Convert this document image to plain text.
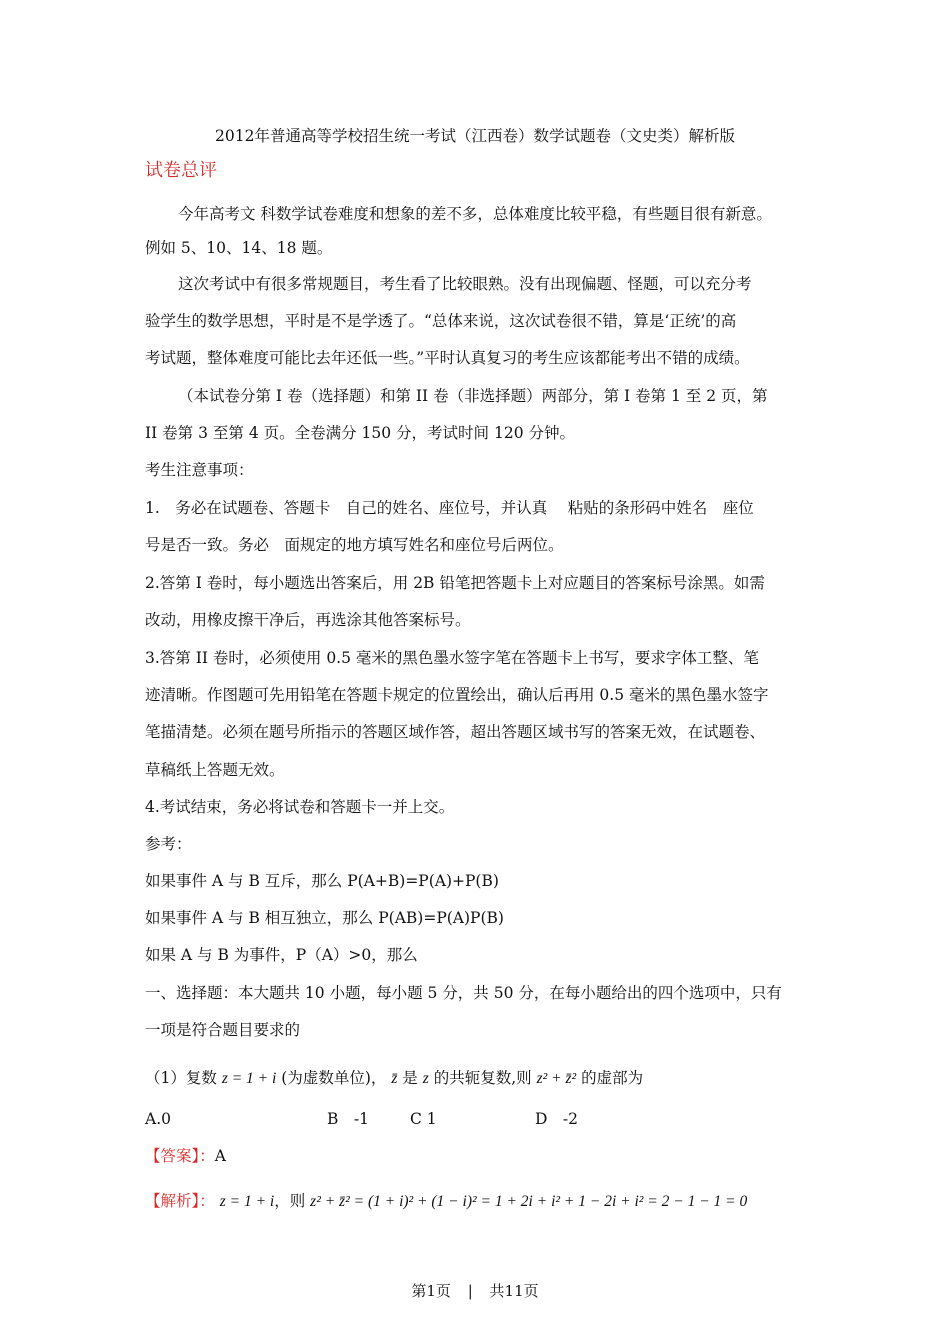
2012年普通高等学校招生统一考试（江西卷）数学试题卷（文史类）解析版
试卷总评
今年高考文 科数学试卷难度和想象的差不多，总体难度比较平稳，有些题目很有新意。
例如 5、10、14、18 题。
这次考试中有很多常规题目，考生看了比较眼熟。没有出现偏题、怪题，可以充分考
验学生的数学思想，平时是不是学透了。“总体来说，这次试卷很不错，算是‘正统’的高
考试题，整体难度可能比去年还低一些。”平时认真复习的考生应该都能考出不错的成绩。
（本试卷分第 I 卷（选择题）和第 II 卷（非选择题）两部分，第 I 卷第 1 至 2 页，第
II 卷第 3 至第 4 页。全卷满分 150 分，考试时间 120 分钟。
考生注意事项：
1.　务必在试题卷、答题卡　自己的姓名、座位号，并认真　 粘贴的条形码中姓名　座位
号是否一致。务必　面规定的地方填写姓名和座位号后两位。
2.答第 I 卷时，每小题选出答案后，用 2B 铅笔把答题卡上对应题目的答案标号涂黑。如需
改动，用橡皮擦干净后，再选涂其他答案标号。
3.答第 II 卷时，必须使用 0.5 毫米的黑色墨水签字笔在答题卡上书写，要求字体工整、笔
迹清晰。作图题可先用铅笔在答题卡规定的位置绘出，确认后再用 0.5 毫米的黑色墨水签字
笔描清楚。必须在题号所指示的答题区域作答，超出答题区域书写的答案无效，在试题卷、
草稿纸上答题无效。
4.考试结束，务必将试卷和答题卡一并上交。
参考：
如果事件 A 与 B 互斥，那么 P(A+B)=P(A)+P(B)
如果事件 A 与 B 相互独立，那么 P(AB)=P(A)P(B)
如果 A 与 B 为事件，P（A）>0，那么
一、选择题：本大题共 10 小题，每小题 5 分，共 50 分，在每小题给出的四个选项中，只有
一项是符合题目要求的
（1）复数 z = 1 + i (为虚数单位)， z̄ 是 z 的共轭复数,则 z² + z̄² 的虚部为
A.0	B　-1	C 1	D　-2
【答案】：A
【解析】： z = 1 + i，则 z² + z̄² = (1 + i)² + (1 − i)² = 1 + 2i + i² + 1 − 2i + i² = 2 − 1 − 1 = 0
第1页 | 共11页
